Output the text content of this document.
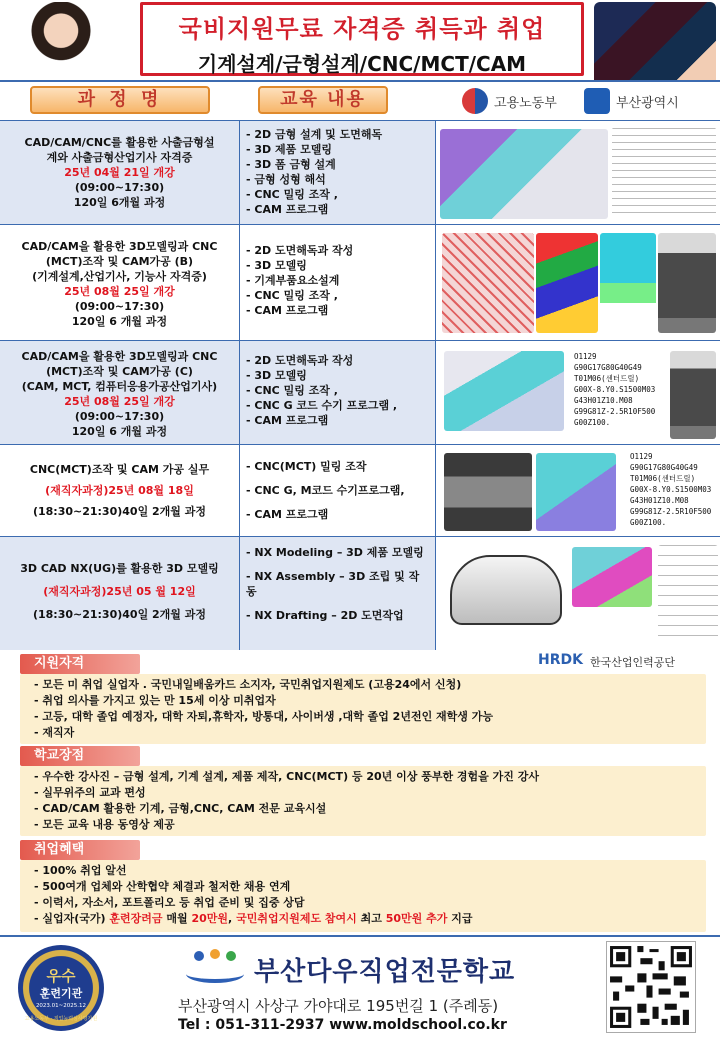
국비지원무료 자격증 취득과 취업
기계설계/금형설계/CNC/MCT/CAM
과 정 명	교육 내용	고용노동부	부산광역시
CAD/CAM/CNC를 활용한 사출금형설
계와 사출금형산업기사 자격증
25년 04월 21일 개강
(09:00~17:30)
120일 6개월 과정
- 2D 금형 설계 및 도면해독
- 3D 제품 모델링
- 3D 폼 금형 설계
- 금형 성형 해석
- CNC 밀링 조작 ,
- CAM 프로그램
CAD/CAM을 활용한 3D모델링과 CNC
(MCT)조작 및 CAM가공 (B)
(기계설계,산업기사, 기능사 자격증)
25년 08월 25일 개강
(09:00~17:30)
120일 6 개월 과정
- 2D 도면해독과 작성
- 3D 모델링
- 기계부품요소설계
- CNC 밀링 조작 ,
- CAM 프로그램
CAD/CAM을 활용한 3D모델링과 CNC
(MCT)조작 및 CAM가공 (C)
(CAM, MCT, 컴퓨터응용가공산업기사)
25년 08월 25일 개강
(09:00~17:30)
120일 6 개월 과정
- 2D 도면해독과 작성
- 3D 모델링
- CNC 밀링 조작 ,
- CNC G 코드 수기 프로그램 ,
- CAM 프로그램
O1129
G90G17G80G40G49
T01M06(센터드릴)
G00X-8.Y0.S1500M03
G43H01Z10.M08
G99G81Z-2.5R10F500
G00Z100.
CNC(MCT)조작 및 CAM 가공 실무
(재직자과정)25년 08월 18일
(18:30~21:30)40일 2개월 과정
- CNC(MCT) 밀링 조작
- CNC G, M코드 수기프로그램,
- CAM 프로그램
O1129
G90G17G80G40G49
T01M06(센터드릴)
G00X-8.Y0.S1500M03
G43H01Z10.M08
G99G81Z-2.5R10F500
G00Z100.
3D CAD NX(UG)를 활용한 3D 모델링
(재직자과정)25년 05 월 12일
(18:30~21:30)40일 2개월 과정
- NX Modeling – 3D 제품 모델링
- NX Assembly – 3D 조립 및 작동
- NX Drafting – 2D 도면작업
HRDK 한국산업인력공단
지원자격
- 모든 미 취업 실업자 . 국민내일배움카드 소지자, 국민취업지원제도 (고용24에서 신청)
- 취업 의사를 가지고 있는 만 15세 이상 미취업자
- 고등, 대학 졸업 예정자, 대학 자퇴,휴학자, 방통대, 사이버생 ,대학 졸업 2년전인 재학생 가능
- 재직자
학교장점
- 우수한 강사진 – 금형 설계, 기계 설계, 제품 제작, CNC(MCT) 등 20년 이상 풍부한 경험을 가진 강사
- 실무위주의 교과 편성
- CAD/CAM 활용한 기계, 금형,CNC, CAM 전문 교육시설
- 모든 교육 내용 동영상 제공
취업혜택
- 100% 취업 알선
- 500여개 업체와 산학협약 체결과 철저한 채용 연계
- 이력서, 자소서, 포트폴리오 등 취업 준비 및 집중 상담
- 실업자(국가) 훈련장려금 매월 20만원, 국민취업지원제도 참여시 최고 50만원 추가 지급
우수
훈련기관
2023.01~2025.12
고용노동부 · 직업능력심사평가원
부산다우직업전문학교
부산광역시 사상구 가야대로 195번길 1 (주례동)
Tel : 051-311-2937 www.moldschool.co.kr
